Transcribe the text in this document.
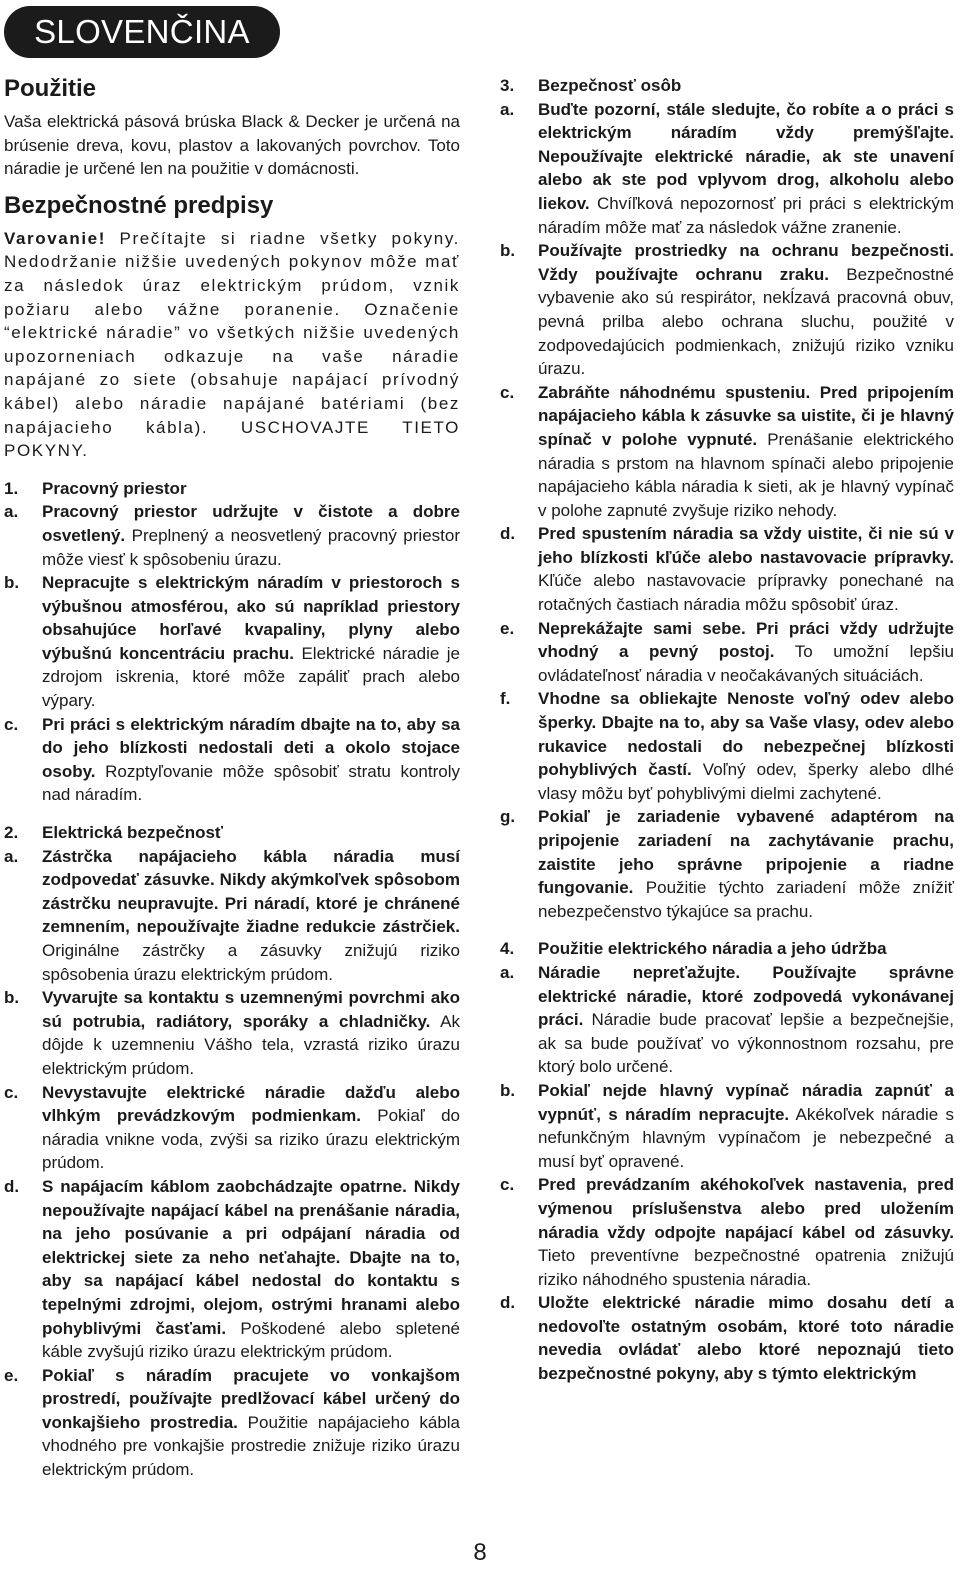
SLOVENČINA
Použitie

Vaša elektrická pásová brúska Black & Decker je určená na brúsenie dreva, kovu, plastov a lakovaných povrchov. Toto náradie je určené len na použitie v domácnosti.

Bezpečnostné predpisy

Varovanie! Prečítajte si riadne všetky pokyny. Nedodržanie nižšie uvedených pokynov môže mať za následok úraz elektrickým prúdom, vznik požiaru alebo vážne poranenie. Označenie “elektrické náradie” vo všetkých nižšie uvedených upozorneniach odkazuje na vaše náradie napájané zo siete (obsahuje napájací prívodný kábel) alebo náradie napájané batériami (bez napájacieho kábla). USCHOVAJTE TIETO POKYNY.

1.	Pracovný priestor
a.	Pracovný priestor udržujte v čistote a dobre osvetlený. Preplnený a neosvetlený pracovný priestor môže viesť k spôsobeniu úrazu.
b.	Nepracujte s elektrickým náradím v priestoroch s výbušnou atmosférou, ako sú napríklad priestory obsahujúce horľavé kvapaliny, plyny alebo výbušnú koncentráciu prachu. Elektrické náradie je zdrojom iskrenia, ktoré môže zapáliť prach alebo výpary.
c.	Pri práci s elektrickým náradím dbajte na to, aby sa do jeho blízkosti nedostali deti a okolo stojace osoby. Rozptyľovanie môže spôsobiť stratu kontroly nad náradím.
2.	Elektrická bezpečnosť
a.	Zástrčka napájacieho kábla náradia musí zodpovedať zásuvke. Nikdy akýmkoľvek spôsobom zástrčku neupravujte. Pri náradí, ktoré je chránené zemnením, nepoužívajte žiadne redukcie zástrčiek. Originálne zástrčky a zásuvky znižujú riziko spôsobenia úrazu elektrickým prúdom.
b.	Vyvarujte sa kontaktu s uzemnenými povrchmi ako sú potrubia, radiátory, sporáky a chladničky. Ak dôjde k uzemneniu Vášho tela, vzrastá riziko úrazu elektrickým prúdom.
c.	Nevystavujte elektrické náradie dažďu alebo vlhkým prevádzkovým podmienkam. Pokiaľ do náradia vnikne voda, zvýši sa riziko úrazu elektrickým prúdom.
d.	S napájacím káblom zaobchádzajte opatrne. Nikdy nepoužívajte napájací kábel na prenášanie náradia, na jeho posúvanie a pri odpájaní náradia od elektrickej siete za neho neťahajte. Dbajte na to, aby sa napájací kábel nedostal do kontaktu s tepelnými zdrojmi, olejom, ostrými hranami alebo pohyblivými časťami. Poškodené alebo spletené káble zvyšujú riziko úrazu elektrickým prúdom.
e.	Pokiaľ s náradím pracujete vo vonkajšom prostredí, používajte predlžovací kábel určený do vonkajšieho prostredia. Použitie napájacieho kábla vhodného pre vonkajšie prostredie znižuje riziko úrazu elektrickým prúdom.
3.	Bezpečnosť osôb
a.	Buďte pozorní, stále sledujte, čo robíte a o práci s elektrickým náradím vždy premýšľajte. Nepoužívajte elektrické náradie, ak ste unavení alebo ak ste pod vplyvom drog, alkoholu alebo liekov. Chvíľková nepozornosť pri práci s elektrickým náradím môže mať za následok vážne zranenie.
b.	Používajte prostriedky na ochranu bezpečnosti. Vždy používajte ochranu zraku. Bezpečnostné vybavenie ako sú respirátor, nekĺzavá pracovná obuv, pevná prilba alebo ochrana sluchu, použité v zodpovedajúcich podmienkach, znižujú riziko vzniku úrazu.
c.	Zabráňte náhodnému spusteniu. Pred pripojením napájacieho kábla k zásuvke sa uistite, či je hlavný spínač v polohe vypnuté. Prenášanie elektrického náradia s prstom na hlavnom spínači alebo pripojenie napájacieho kábla náradia k sieti, ak je hlavný vypínač v polohe zapnuté zvyšuje riziko nehody.
d.	Pred spustením náradia sa vždy uistite, či nie sú v jeho blízkosti kľúče alebo nastavovacie prípravky. Kľúče alebo nastavovacie prípravky ponechané na rotačných častiach náradia môžu spôsobiť úraz.
e.	Neprekážajte sami sebe. Pri práci vždy udržujte vhodný a pevný postoj. To umožní lepšiu ovládateľnosť náradia v neočakávaných situáciách.
f.	Vhodne sa obliekajte Nenoste voľný odev alebo šperky. Dbajte na to, aby sa Vaše vlasy, odev alebo rukavice nedostali do nebezpečnej blízkosti pohyblivých častí. Voľný odev, šperky alebo dlhé vlasy môžu byť pohyblivými dielmi zachytené.
g.	Pokiaľ je zariadenie vybavené adaptérom na pripojenie zariadení na zachytávanie prachu, zaistite jeho správne pripojenie a riadne fungovanie. Použitie týchto zariadení môže znížiť nebezpečenstvo týkajúce sa prachu.
4.	Použitie elektrického náradia a jeho údržba
a.	Náradie nepreťažujte. Používajte správne elektrické náradie, ktoré zodpovedá vykonávanej práci. Náradie bude pracovať lepšie a bezpečnejšie, ak sa bude používať vo výkonnostnom rozsahu, pre ktorý bolo určené.
b.	Pokiaľ nejde hlavný vypínač náradia zapnúť a vypnúť, s náradím nepracujte. Akékoľvek náradie s nefunkčným hlavným vypínačom je nebezpečné a musí byť opravené.
c.	Pred prevádzaním akéhokoľvek nastavenia, pred výmenou príslušenstva alebo pred uložením náradia vždy odpojte napájací kábel od zásuvky. Tieto preventívne bezpečnostné opatrenia znižujú riziko náhodného spustenia náradia.
d.	Uložte elektrické náradie mimo dosahu detí a nedovoľte ostatným osobám, ktoré toto náradie nevedia ovládať alebo ktoré nepoznajú tieto bezpečnostné pokyny, aby s týmto elektrickým
8
